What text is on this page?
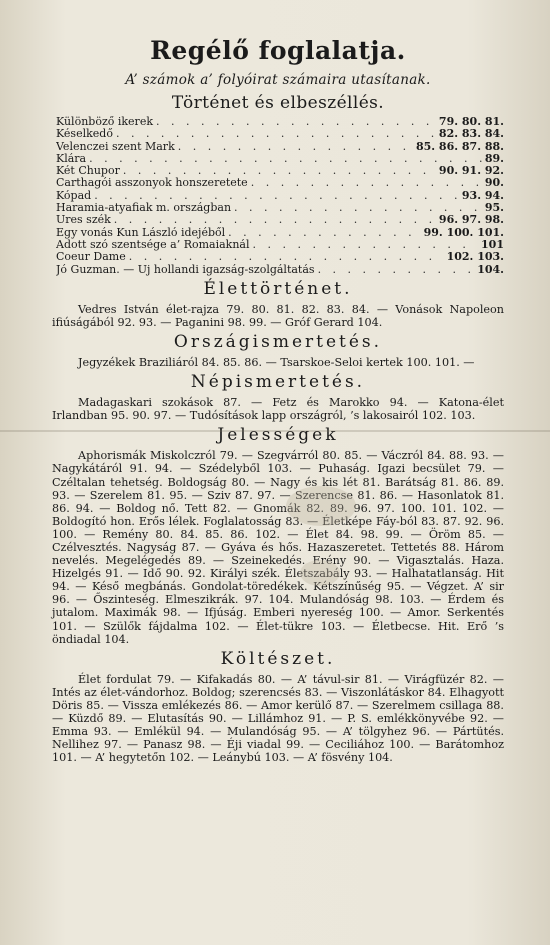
Regélő foglalatja.
A’ számok a’ folyóirat számaira utasítanak.
Történet és elbeszéllés.
Különböző ikerek . . .	79. 80. 81.
Késelkedő . . .	82. 83. 84.
Velenczei szent Mark . . .	85. 86. 87. 88.
Klára . . .	89.
Két Chupor . . .	90. 91. 92.
Carthagói asszonyok honszeretete . . .	90.
Kópad . . .	93. 94.
Haramia-atyafiak m. országban . . .	95.
Üres szék . . .	96. 97. 98.
Egy vonás Kun László idejéből . . .	99. 100. 101.
Adott szó szentsége a’ Romaiaknál . . .	101
Coeur Dame . . .	102. 103.
Jó Guzman. — Uj hollandi igazság-szolgáltatás . . .	104.
Élettörténet.

Vedres István élet-rajza 79. 80. 81. 82. 83. 84. — Vonások Napoleon ifiúságából 92. 93. — Paganini 98. 99. — Gróf Gerard 104.

Országismertetés.

Jegyzékek Braziliáról 84. 85. 86. — Tsarskoe-Seloi kertek 100. 101. —

Népismertetés.

Madagaskari szokások 87. — Fetz és Marokko 94. — Katona-élet Irlandban 95. 90. 97. — Tudósítások lapp országról, ’s lakosairól 102. 103.

Jelességek

Aphorismák Miskolczról 79. — Szegvárról 80. 85. — Váczról 84. 88. 93. — Nagykátáról 91. 94. — Szédelyből 103. — Puhaság. Igazi becsület 79. — Czéltalan tehetség. Boldogság 80. — Nagy és kis lét 81. Barátság 81. 86. 89. 93. — Szerelem 81. 95. — Sziv 87. 97. — Szerencse 81. 86. — Hasonlatok 81. 86. 94. — Boldog nő. Tett 82. — Gnomák 82. 89. 96. 97. 100. 101. 102. — Boldogító hon. Erős lélek. Foglalatosság 83. — Életképe Fáy-ból 83. 87. 92. 96. 100. — Remény 80. 84. 85. 86. 102. — Élet 84. 98. 99. — Öröm 85. — Czélvesztés. Nagyság 87. — Gyáva és hős. Hazaszeretet. Tettetés 88. Három nevelés. Megelégedés 89. — Szeinekedés. Erény 90. — Vigasztalás. Haza. Hizelgés 91. — Idő 90. 92. Királyi szék. Életszabály 93. — Halhatatlanság. Hit 94. — Késő megbánás. Gondolat-töredékek. Kétszínűség 95. — Végzet. A’ sir 96. — Őszinteség. Elmeszikrák. 97. 104. Mulandóság 98. 103. — Érdem és jutalom. Maximák 98. — Ifjúság. Emberi nyereség 100. — Amor. Serkentés 101. — Szülők fájdalma 102. — Élet-tükre 103. — Életbecse. Hit. Erő ’s öndiadal 104.

Költészet.

Élet fordulat 79. — Kifakadás 80. — A’ távul-sir 81. — Virágfüzér 82. — Intés az élet-vándorhoz. Boldog; szerencsés 83. — Viszonlátáskor 84. Elhagyott Döris 85. — Vissza emlékezés 86. — Amor kerülő 87. — Szerelmem csillaga 88. — Küzdő 89. — Elutasítás 90. — Lillámhoz 91. — P. S. emlékkönyvébe 92. — Emma 93. — Emlékül 94. — Mulandóság 95. — A’ tölgyhez 96. — Pártütés. Nellihez 97. — Panasz 98. — Éji viadal 99. — Ceciliához 100. — Barátomhoz 101. — A’ hegytetőn 102. — Leánybú 103. — A’ fösvény 104.
